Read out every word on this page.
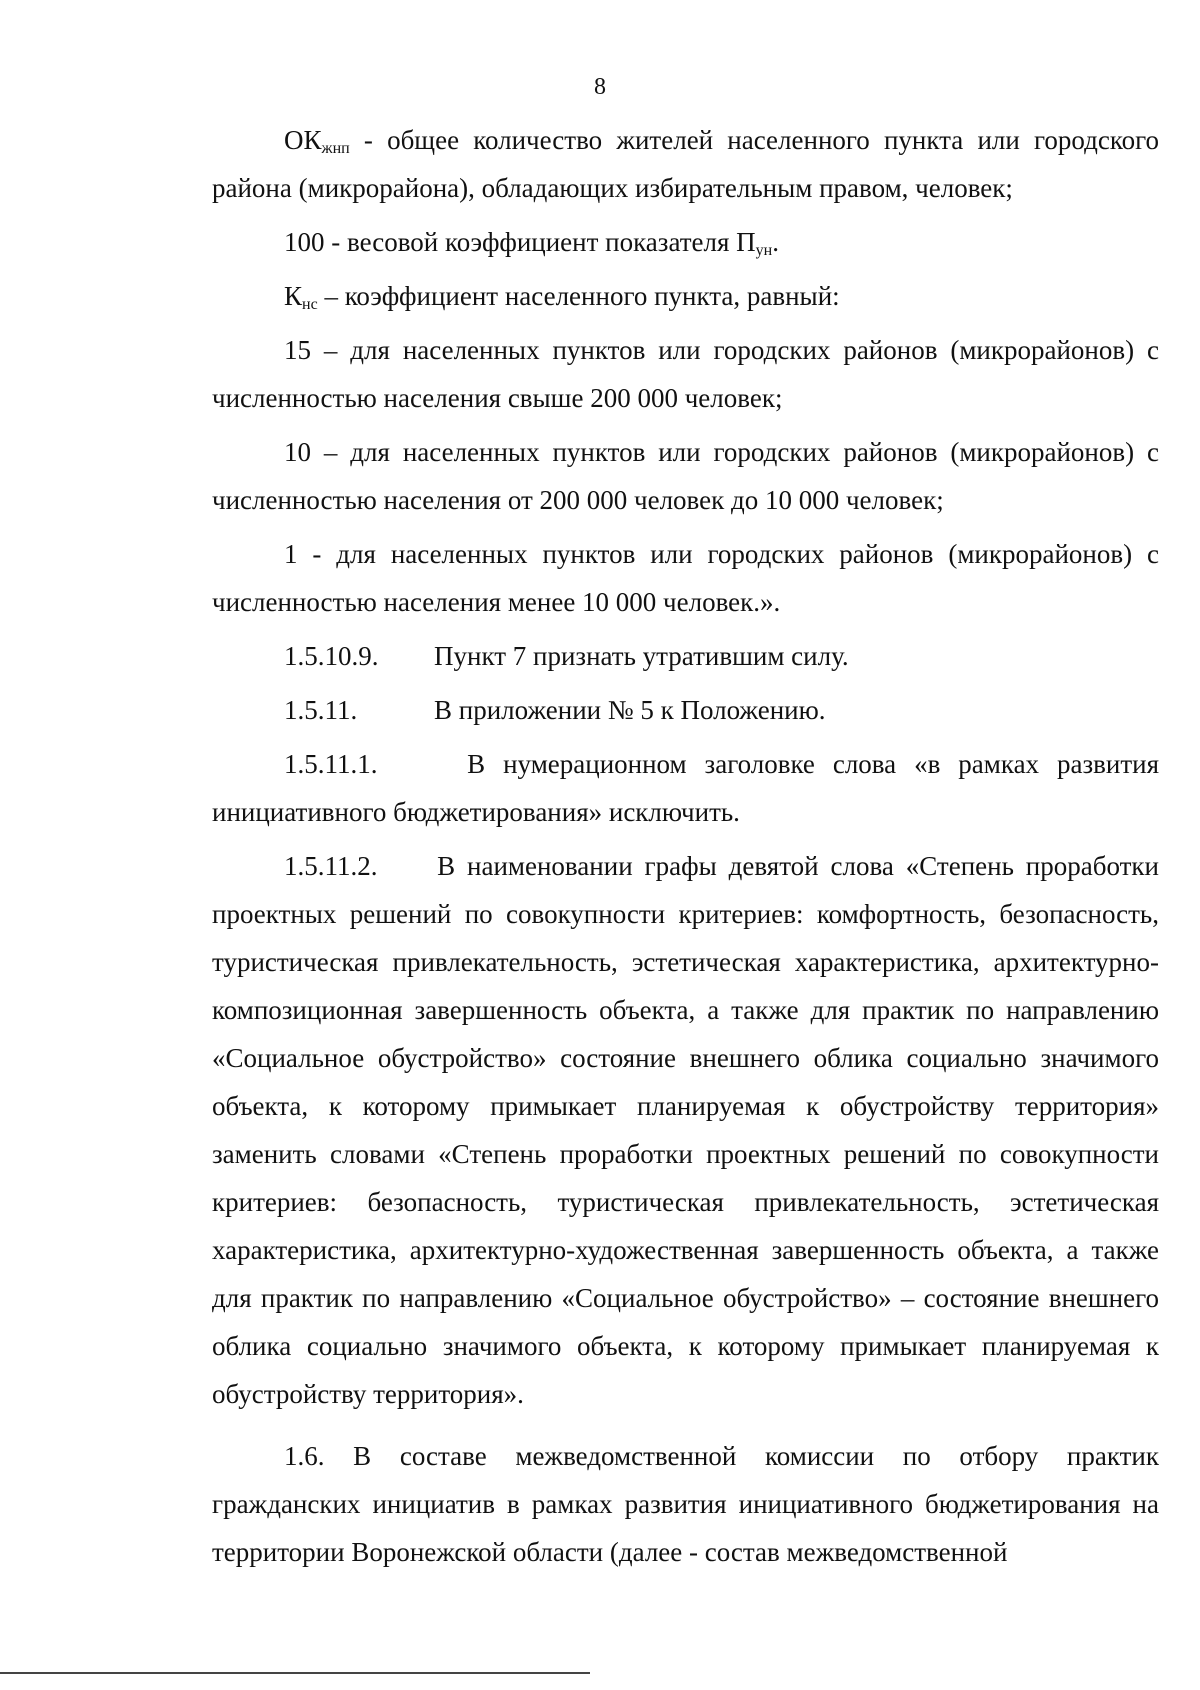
8

$ОК_{жнп}$ - общее количество жителей населенного пункта или городского района (микрорайона), обладающих избирательным правом, человек;

100 - весовой коэффициент показателя $П_{ун}$.

$К_{нс}$ – коэффициент населенного пункта, равный:

15 – для населенных пунктов или городских районов (микрорайонов) с численностью населения свыше 200 000 человек;

10 – для населенных пунктов или городских районов (микрорайонов) с численностью населения от 200 000 человек до 10 000 человек;

1 - для населенных пунктов или городских районов (микрорайонов) с численностью населения менее 10 000 человек.».

1.5.10.9.	Пункт 7 признать утратившим силу.
1.5.11.	В приложении № 5 к Положению.

1.5.11.1.     В нумерационном заголовке слова «в рамках развития инициативного бюджетирования» исключить.

1.5.11.2.     В наименовании графы девятой слова «Степень проработки проектных решений по совокупности критериев: комфортность, безопасность, туристическая привлекательность, эстетическая характеристика, архитектурно-композиционная завершенность объекта, а также для практик по направлению «Социальное обустройство» состояние внешнего облика социально значимого объекта, к которому примыкает планируемая к обустройству территория» заменить словами «Степень проработки проектных решений по совокупности критериев: безопасность, туристическая привлекательность, эстетическая характеристика, архитектурно-художественная завершенность объекта, а также для практик по направлению «Социальное обустройство» – состояние внешнего облика социально значимого объекта, к которому примыкает планируемая к обустройству территория».

1.6. В составе межведомственной комиссии по отбору практик гражданских инициатив в рамках развития инициативного бюджетирования на территории Воронежской области (далее - состав межведомственной
